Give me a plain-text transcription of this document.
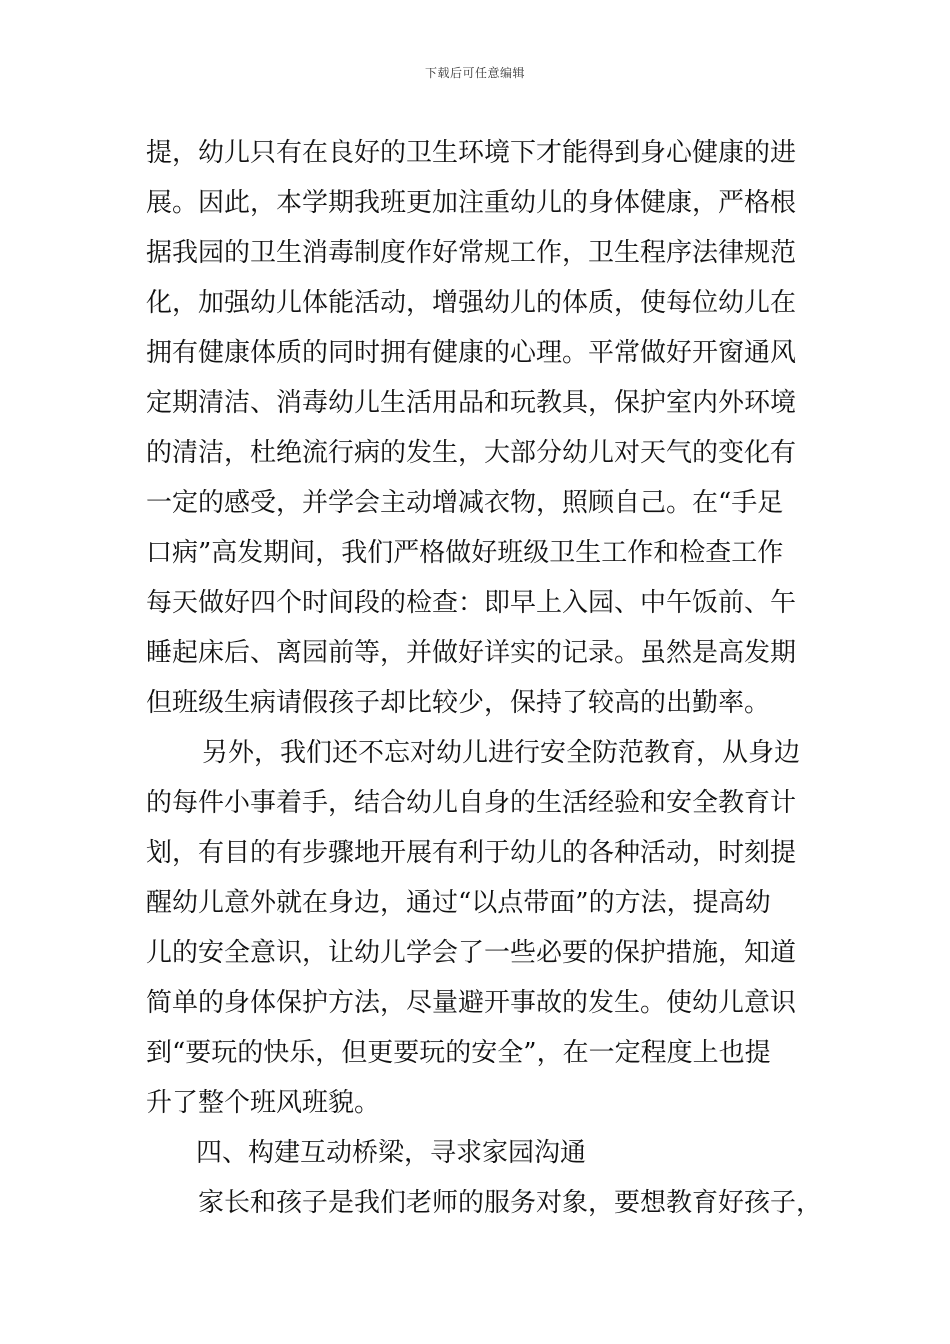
下载后可任意编辑
提，幼儿只有在良好的卫生环境下才能得到身心健康的进
展。因此，本学期我班更加注重幼儿的身体健康，严格根
据我园的卫生消毒制度作好常规工作，卫生程序法律规范
化，加强幼儿体能活动，增强幼儿的体质，使每位幼儿在
拥有健康体质的同时拥有健康的心理。平常做好开窗通风
定期清洁、消毒幼儿生活用品和玩教具，保护室内外环境
的清洁，杜绝流行病的发生，大部分幼儿对天气的变化有
一定的感受，并学会主动增减衣物，照顾自己。在“手足
口病”高发期间，我们严格做好班级卫生工作和检查工作
每天做好四个时间段的检查：即早上入园、中午饭前、午
睡起床后、离园前等，并做好详实的记录。虽然是高发期
但班级生病请假孩子却比较少，保持了较高的出勤率。
另外，我们还不忘对幼儿进行安全防范教育，从身边
的每件小事着手，结合幼儿自身的生活经验和安全教育计
划，有目的有步骤地开展有利于幼儿的各种活动，时刻提
醒幼儿意外就在身边，通过“以点带面”的方法，提高幼
儿的安全意识，让幼儿学会了一些必要的保护措施，知道
简单的身体保护方法，尽量避开事故的发生。使幼儿意识
到“要玩的快乐，但更要玩的安全”，在一定程度上也提
升了整个班风班貌。
四、构建互动桥梁，寻求家园沟通
家长和孩子是我们老师的服务对象，要想教育好孩子，
